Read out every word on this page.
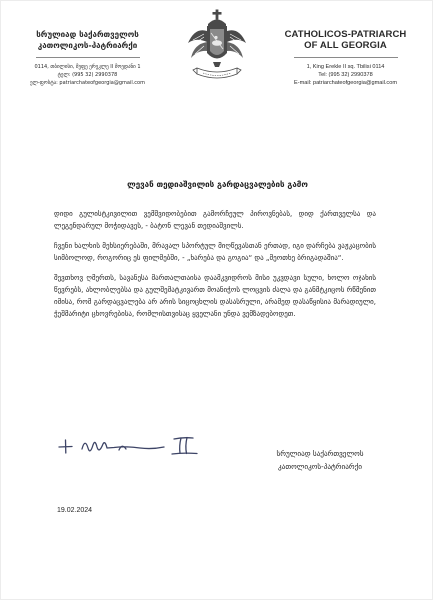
სრულიად საქართველოს
კათოლიკოს-პატრიარქი
0114, თბილისი, მეფე ერეკლე II მოედანი 1
ტელ: (995 32) 2990378
ელ-ფოსტა: patriarchateofgeorgia@gmail.com
CATHOLICOS-PATRIARCH
OF ALL GEORGIA
1, King Erekle II sq. Tbilisi 0114
Tel: (995 32) 2990378
E-mail: patriarchateofgeorgia@gmail.com
ლევან თედიაშვილის გარდაცვალების გამო

დიდი გულისტკივილით ვემშვიდობებით გამორჩეულ პიროვნებას, დიდ ქართველსა და ლეგენდარულ მოჭიდავეს, - ბატონ ლევან თედიაშვილს.

ჩვენი ხალხის მეხსიერებაში, მრავალ სპორტულ მიღწევასთან ერთად, იგი დარჩება ვაჟკაცობის სიმბოლოდ, როგორიც ეს ფილმებში, - „ხარება და გოგია“ და „მეოთხე ბრიგადაშია“.

შევთხოვ ღმერთს, სავანესა მართალთაისა დაამკვიდროს მისი უკვდავი სული, ხოლო ოჯახის წევრებს, ახლობლებსა და გულშემატკივართ მოანიჭოს ლოცვის ძალა და განმტკიცოს რწმენით იმისა, რომ გარდაცვალება არ არის სიცოცხლის დასასრული, არამედ დასაწყისია მარადიული, ჭეშმარიტი ცხოვრებისა, რომლისთვისაც ყველანი უნდა ვემზადებოდეთ.

სრულიად საქართველოს
კათოლიკოს-პატრიარქი
19.02.2024
